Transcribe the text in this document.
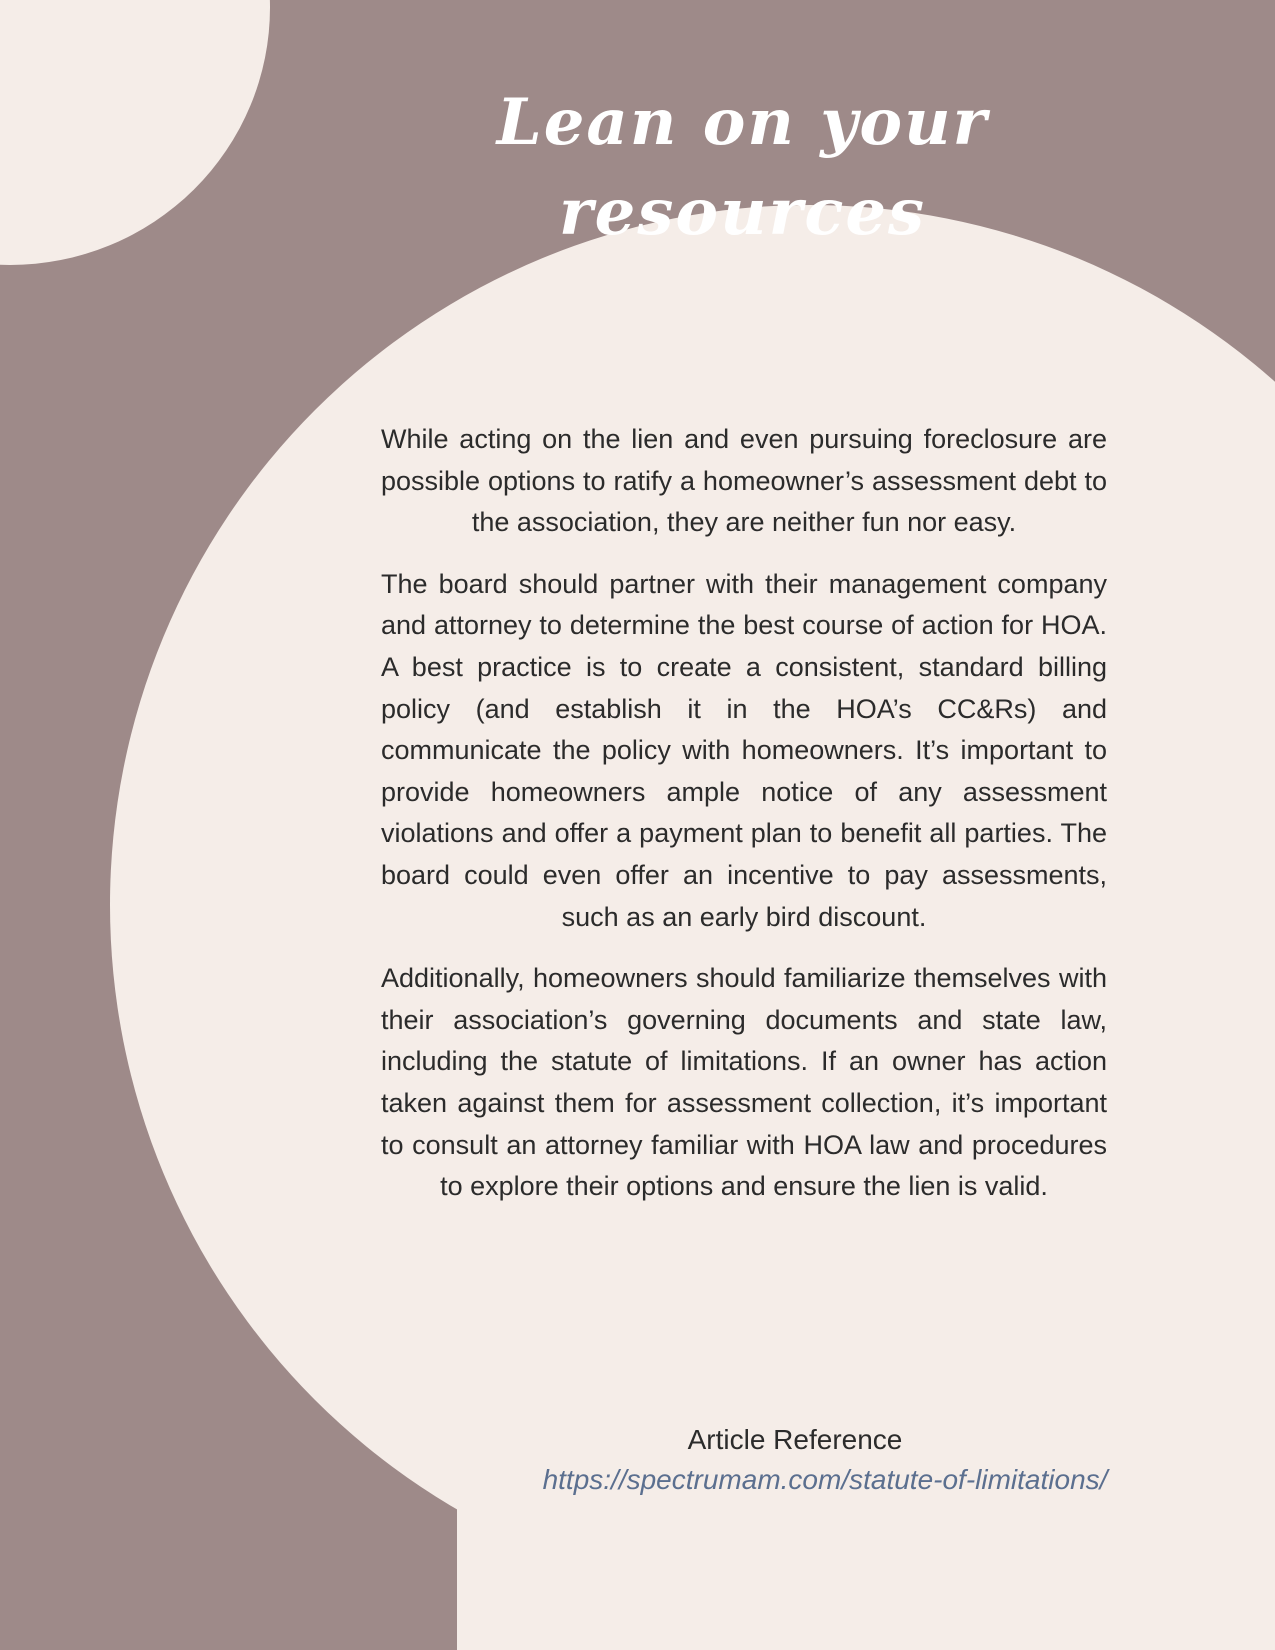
Lean on your resources

While acting on the lien and even pursuing foreclosure are possible options to ratify a homeowner’s assessment debt to the association, they are neither fun nor easy.

The board should partner with their management company and attorney to determine the best course of action for HOA. A best practice is to create a consistent, standard billing policy (and establish it in the HOA’s CC&Rs) and communicate the policy with homeowners. It’s important to provide homeowners ample notice of any assessment violations and offer a payment plan to benefit all parties. The board could even offer an incentive to pay assessments, such as an early bird discount.

Additionally, homeowners should familiarize themselves with their association’s governing documents and state law, including the statute of limitations. If an owner has action taken against them for assessment collection, it’s important to consult an attorney familiar with HOA law and procedures to explore their options and ensure the lien is valid.

Article Reference
https://spectrumam.com/statute-of-limitations/
